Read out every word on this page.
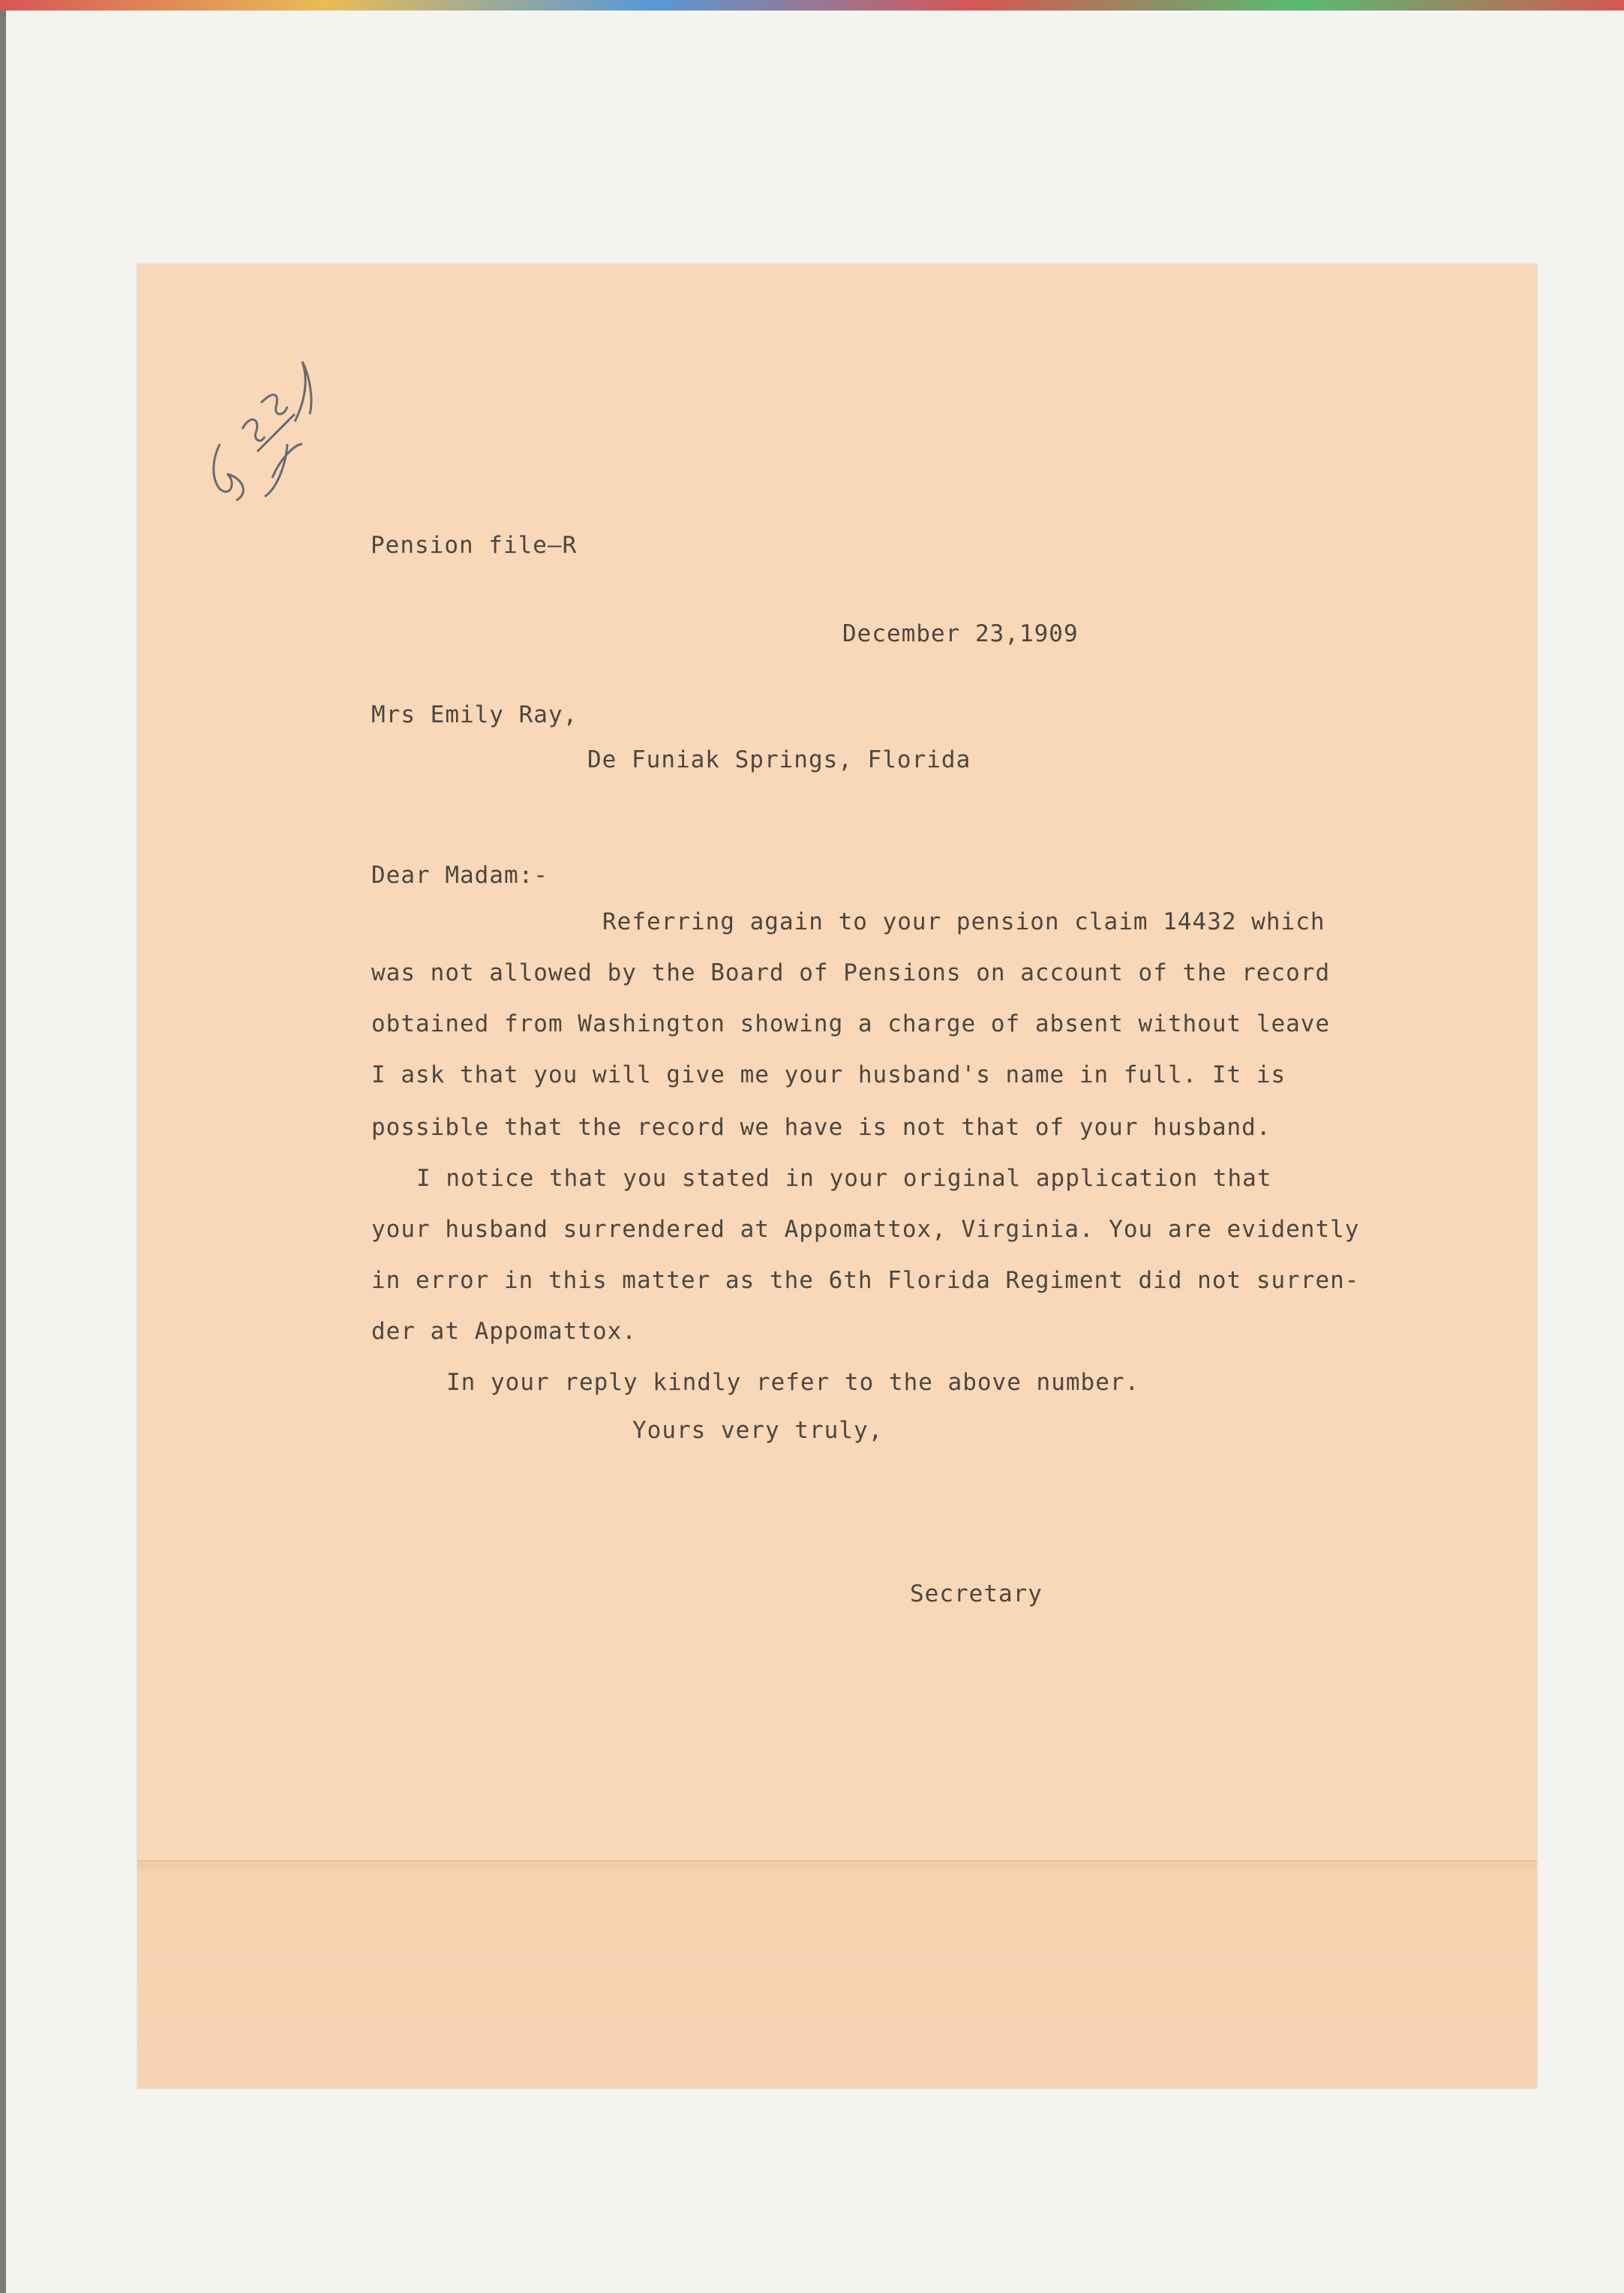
Pension file—R
December 23,1909
Mrs Emily Ray,
De Funiak Springs, Florida
Dear Madam:-
Referring again to your pension claim 14432 which
was not allowed by the Board of Pensions on account of the record
obtained from Washington showing a charge of absent without leave
I ask that you will give me your husband's name in full. It is
possible that the record we have is not that of your husband.
I notice that you stated in your original application that
your husband surrendered at Appomattox, Virginia. You are evidently
in error in this matter as the 6th Florida Regiment did not surren-
der at Appomattox.
In your reply kindly refer to the above number.
Yours very truly,
Secretary
